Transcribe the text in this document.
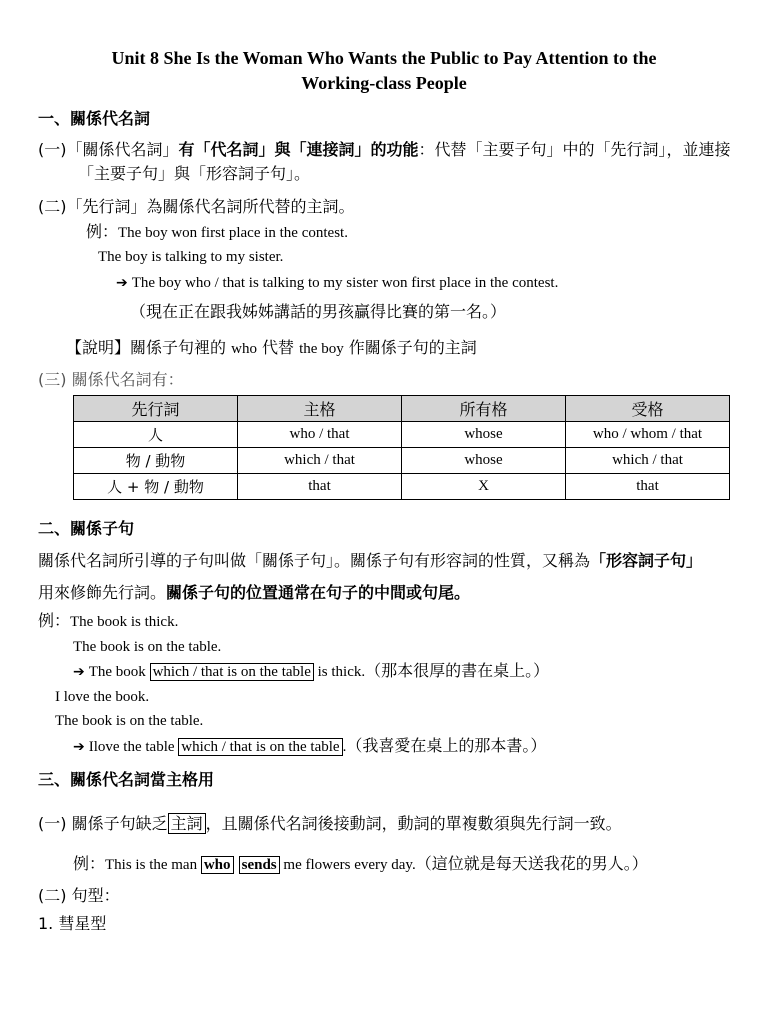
Unit 8 She Is the Woman Who Wants the Public to Pay Attention to the
Working-class People
一、關係代名詞
(一)「關係代名詞」有「代名詞」與「連接詞」的功能：代替「主要子句」中的「先行詞」，並連接
「主要子句」與「形容詞子句」。
(二)「先行詞」為關係代名詞所代替的主詞。
例：The boy won first place in the contest.
The boy is talking to my sister.
➔ The boy who / that is talking to my sister won first place in the contest.
（現在正在跟我姊姊講話的男孩贏得比賽的第一名。）
【說明】關係子句裡的 who 代替 the boy 作關係子句的主詞
(三) 關係代名詞有：
先行詞	主格	所有格	受格
人	who / that	whose	who / whom / that
物 / 動物	which / that	whose	which / that
人 + 物 / 動物	that	X	that
二、關係子句
關係代名詞所引導的子句叫做「關係子句」。關係子句有形容詞的性質，又稱為「形容詞子句」
用來修飾先行詞。關係子句的位置通常在句子的中間或句尾。
例：The book is thick.
The book is on the table.
➔ The book which / that is on the table is thick.（那本很厚的書在桌上。）
I love the book.
The book is on the table.
➔ Ilove the table which / that is on the table .（我喜愛在桌上的那本書。）
三、關係代名詞當主格用
(一) 關係子句缺乏 主詞 ，且關係代名詞後接動詞，動詞的單複數須與先行詞一致。
例：This is the man who sends me flowers every day.（這位就是每天送我花的男人。）
(二) 句型：
1. 彗星型
